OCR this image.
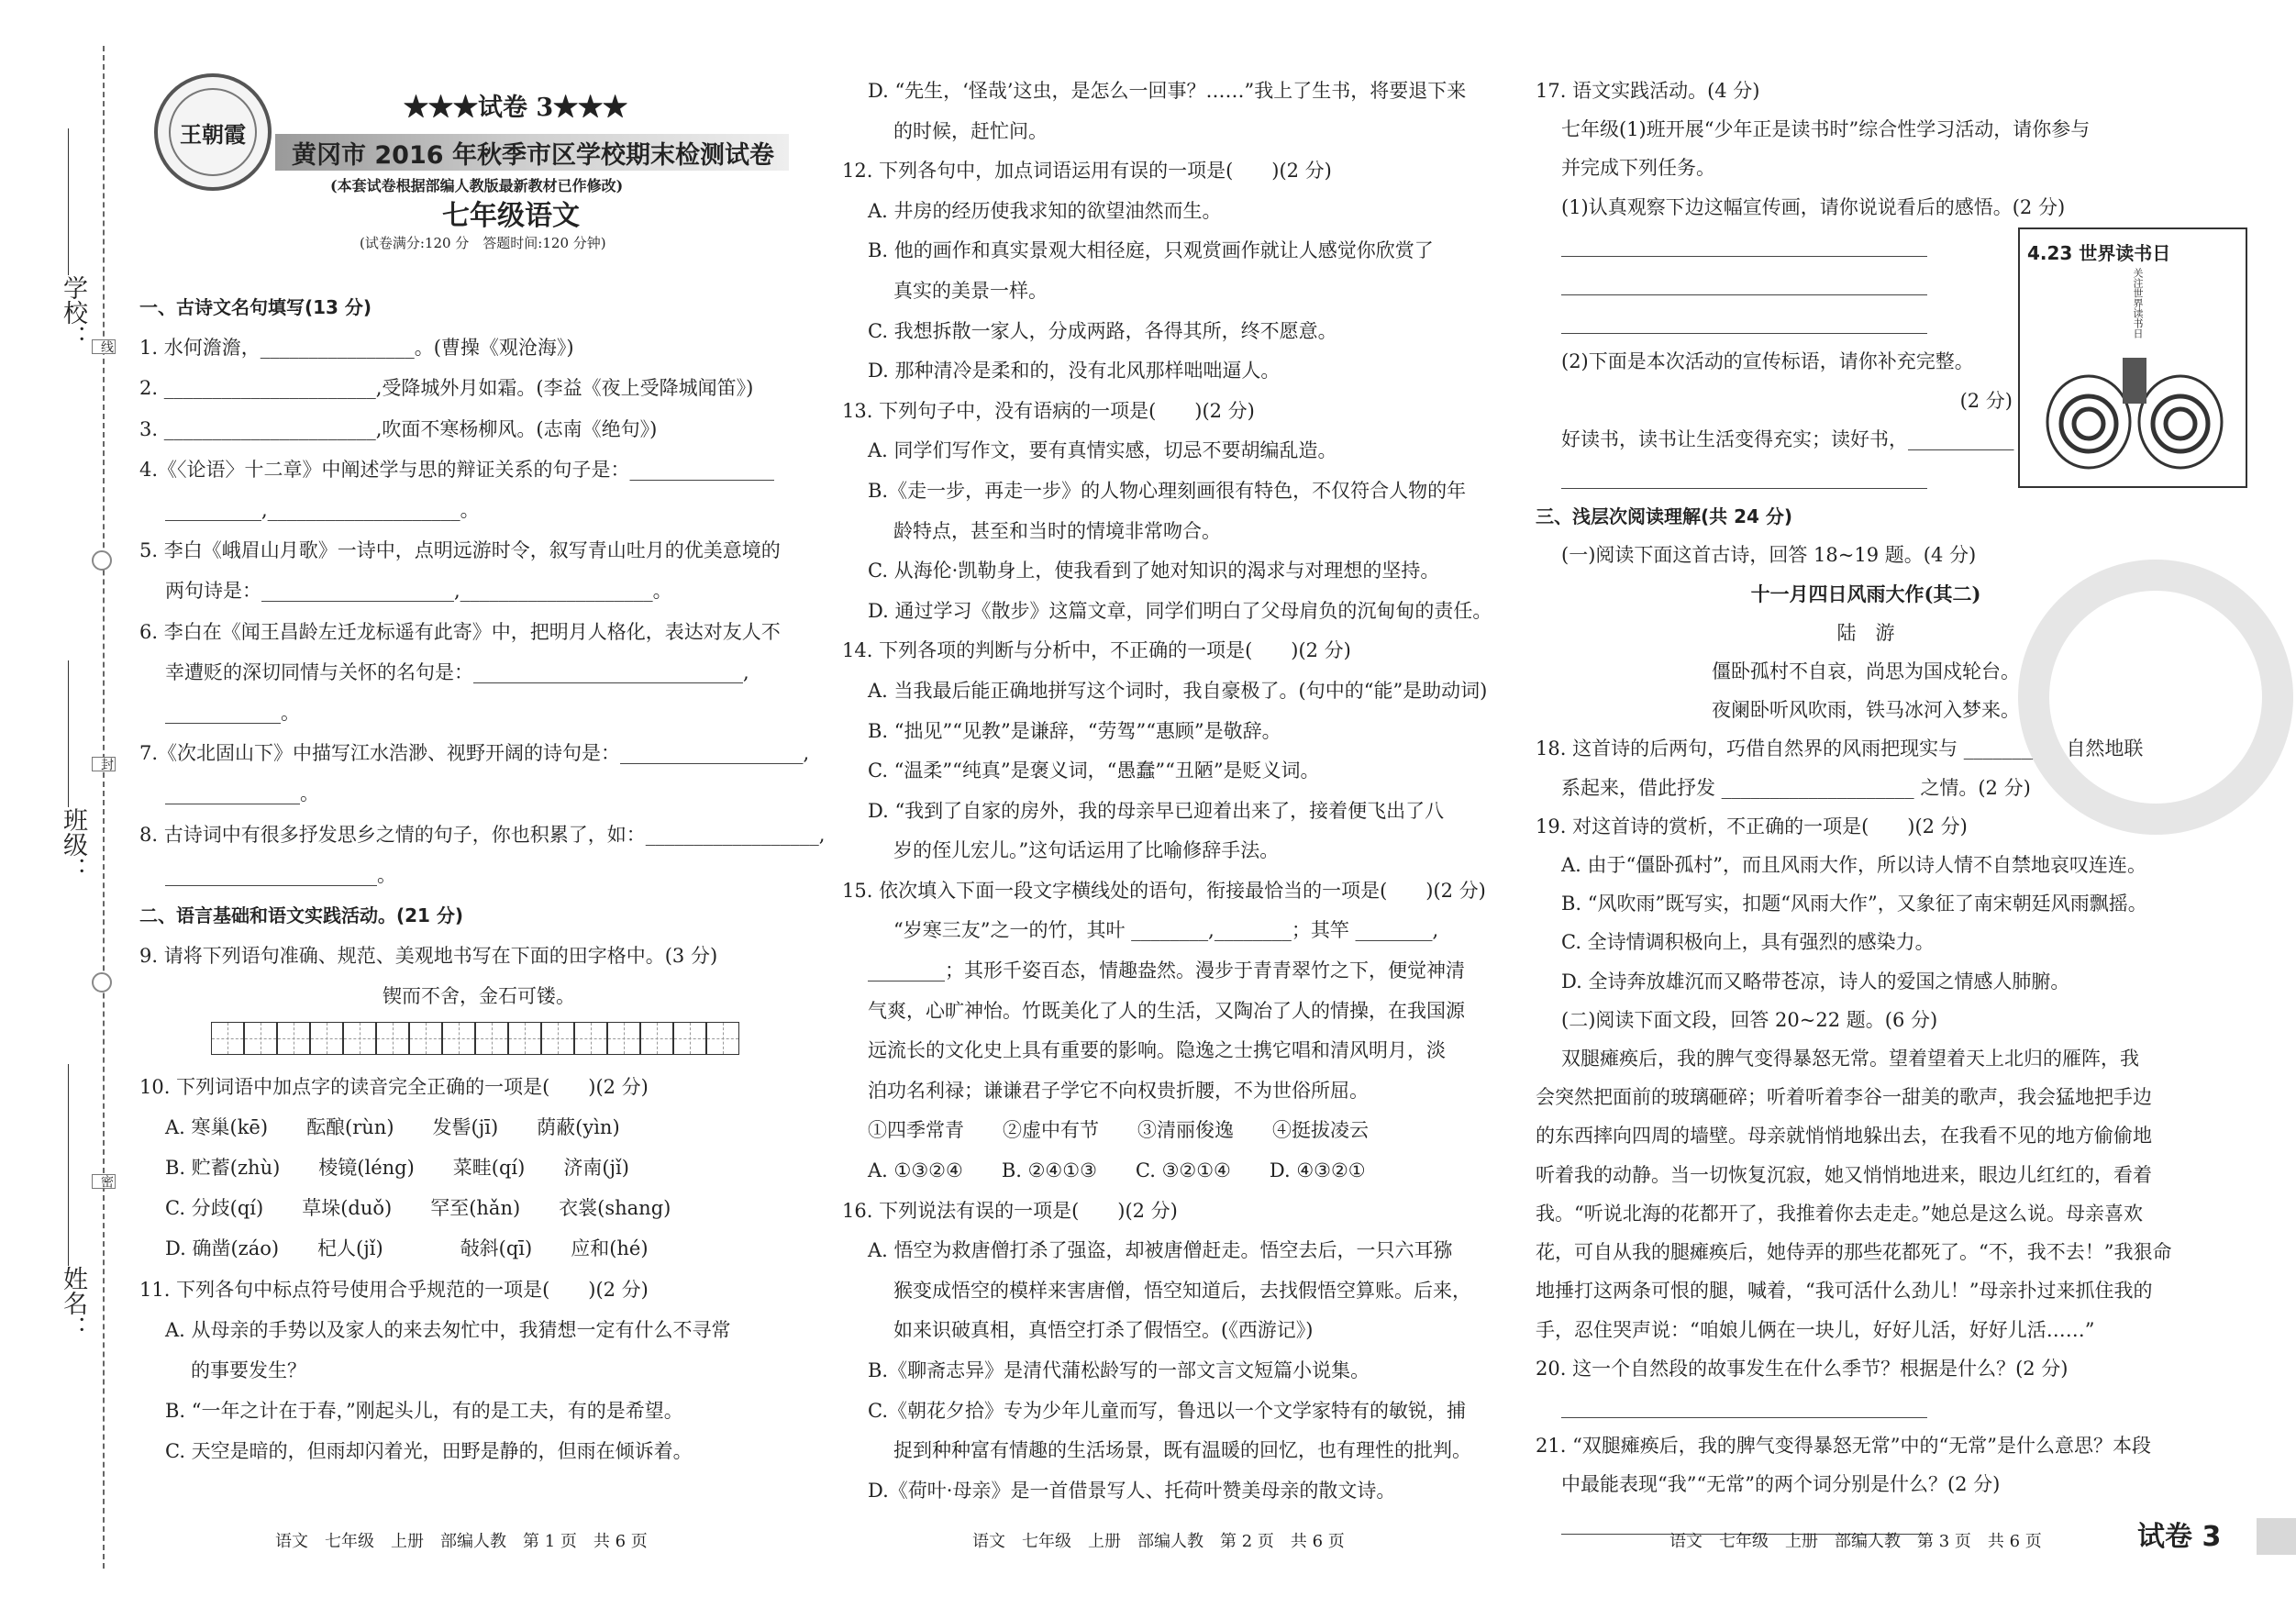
学校：
班级：
姓名：
线
封
密
王朝霞
★★★试卷 3★★★
黄冈市 2016 年秋季市区学校期末检测试卷
(本套试卷根据部编人教版最新教材已作修改)
七年级语文
(试卷满分:120 分　答题时间:120 分钟)

一、古诗文名句填写(13 分)

1. 水何澹澹，________________。(曹操《观沧海》)

2. ______________________,受降城外月如霜。(李益《夜上受降城闻笛》)

3. ______________________,吹面不寒杨柳风。(志南《绝句》)

4.《〈论语〉十二章》中阐述学与思的辩证关系的句子是：_______________

__________,____________________。

5. 李白《峨眉山月歌》一诗中，点明远游时令，叙写青山吐月的优美意境的

两句诗是：____________________,____________________。

6. 李白在《闻王昌龄左迁龙标遥有此寄》中，把明月人格化，表达对友人不

幸遭贬的深切同情与关怀的名句是：____________________________,

____________。

7.《次北固山下》中描写江水浩渺、视野开阔的诗句是：___________________,

______________。

8. 古诗词中有很多抒发思乡之情的句子，你也积累了，如：__________________,

______________________。

二、语言基础和语文实践活动。(21 分)

9. 请将下列语句准确、规范、美观地书写在下面的田字格中。(3 分)

锲而不舍，金石可镂。

10. 下列词语中加点字的读音完全正确的一项是(　　)(2 分)

A. 寒巢(kē)　　酝酿(rùn)　　发髻(jī)　　荫蔽(yìn)

B. 贮蓄(zhù)　　棱镜(léng)　　菜畦(qí)　　济南(jǐ)

C. 分歧(qí)　　草垛(duǒ)　　罕至(hǎn)　　衣裳(shang)

D. 确凿(záo)　　杞人(jǐ)　　　　敧斜(qī)　　应和(hé)

11. 下列各句中标点符号使用合乎规范的一项是(　　)(2 分)

A. 从母亲的手势以及家人的来去匆忙中，我猜想一定有什么不寻常

的事要发生？

B. “一年之计在于春，”刚起头儿，有的是工夫，有的是希望。

C. 天空是暗的，但雨却闪着光，田野是静的，但雨在倾诉着。

D. “先生，‘怪哉’这虫，是怎么一回事？……”我上了生书，将要退下来

的时候，赶忙问。

12. 下列各句中，加点词语运用有误的一项是(　　)(2 分)

A. 井房的经历使我求知的欲望油然而生。

B. 他的画作和真实景观大相径庭，只观赏画作就让人感觉你欣赏了

真实的美景一样。

C. 我想拆散一家人，分成两路，各得其所，终不愿意。

D. 那种清冷是柔和的，没有北风那样咄咄逼人。

13. 下列句子中，没有语病的一项是(　　)(2 分)

A. 同学们写作文，要有真情实感，切忌不要胡编乱造。

B.《走一步，再走一步》的人物心理刻画很有特色，不仅符合人物的年

龄特点，甚至和当时的情境非常吻合。

C. 从海伦·凯勒身上，使我看到了她对知识的渴求与对理想的坚持。

D. 通过学习《散步》这篇文章，同学们明白了父母肩负的沉甸甸的责任。

14. 下列各项的判断与分析中，不正确的一项是(　　)(2 分)

A. 当我最后能正确地拼写这个词时，我自豪极了。(句中的“能”是助动词)

B. “拙见”“见教”是谦辞，“劳驾”“惠顾”是敬辞。

C. “温柔”“纯真”是褒义词，“愚蠢”“丑陋”是贬义词。

D. “我到了自家的房外，我的母亲早已迎着出来了，接着便飞出了八

岁的侄儿宏儿。”这句话运用了比喻修辞手法。

15. 依次填入下面一段文字横线处的语句，衔接最恰当的一项是(　　)(2 分)

“岁寒三友”之一的竹，其叶 ________,________；其竿 ________,

________；其形千姿百态，情趣盎然。漫步于青青翠竹之下，便觉神清

气爽，心旷神怡。竹既美化了人的生活，又陶冶了人的情操，在我国源

远流长的文化史上具有重要的影响。隐逸之士携它唱和清风明月，淡

泊功名利禄；谦谦君子学它不向权贵折腰，不为世俗所屈。

①四季常青　　②虚中有节　　③清丽俊逸　　④挺拔凌云

A. ①③②④　　B. ②④①③　　C. ③②①④　　D. ④③②①

16. 下列说法有误的一项是(　　)(2 分)

A. 悟空为救唐僧打杀了强盗，却被唐僧赶走。悟空去后，一只六耳猕

猴变成悟空的模样来害唐僧，悟空知道后，去找假悟空算账。后来，

如来识破真相，真悟空打杀了假悟空。(《西游记》)

B.《聊斋志异》是清代蒲松龄写的一部文言文短篇小说集。

C.《朝花夕拾》专为少年儿童而写，鲁迅以一个文学家特有的敏锐，捕

捉到种种富有情趣的生活场景，既有温暖的回忆，也有理性的批判。

D.《荷叶·母亲》是一首借景写人、托荷叶赞美母亲的散文诗。

17. 语文实践活动。(4 分)

七年级(1)班开展“少年正是读书时”综合性学习活动，请你参与

并完成下列任务。

(1)认真观察下边这幅宣传画，请你说说看后的感悟。(2 分)

______________________________________

______________________________________

______________________________________

(2)下面是本次活动的宣传标语，请你补充完整。

(2 分)

好读书，读书让生活变得充实；读好书，___________

______________________________________

三、浅层次阅读理解(共 24 分)

(一)阅读下面这首古诗，回答 18~19 题。(4 分)

十一月四日风雨大作(其二)

陆　游

僵卧孤村不自哀，尚思为国戍轮台。

夜阑卧听风吹雨，铁马冰河入梦来。

18. 这首诗的后两句，巧借自然界的风雨把现实与 __________ 自然地联

系起来，借此抒发 ____________________ 之情。(2 分)

19. 对这首诗的赏析，不正确的一项是(　　)(2 分)

A. 由于“僵卧孤村”，而且风雨大作，所以诗人情不自禁地哀叹连连。

B. “风吹雨”既写实，扣题“风雨大作”，又象征了南宋朝廷风雨飘摇。

C. 全诗情调积极向上，具有强烈的感染力。

D. 全诗奔放雄沉而又略带苍凉，诗人的爱国之情感人肺腑。

(二)阅读下面文段，回答 20~22 题。(6 分)

双腿瘫痪后，我的脾气变得暴怒无常。望着望着天上北归的雁阵，我

会突然把面前的玻璃砸碎；听着听着李谷一甜美的歌声，我会猛地把手边

的东西摔向四周的墙壁。母亲就悄悄地躲出去，在我看不见的地方偷偷地

听着我的动静。当一切恢复沉寂，她又悄悄地进来，眼边儿红红的，看着

我。“听说北海的花都开了，我推着你去走走。”她总是这么说。母亲喜欢

花，可自从我的腿瘫痪后，她侍弄的那些花都死了。“不，我不去！”我狠命

地捶打这两条可恨的腿，喊着，“我可活什么劲儿！”母亲扑过来抓住我的

手，忍住哭声说：“咱娘儿俩在一块儿，好好儿活，好好儿活……”

20. 这一个自然段的故事发生在什么季节？根据是什么？(2 分)

______________________________________

21. “双腿瘫痪后，我的脾气变得暴怒无常”中的“无常”是什么意思？本段

中最能表现“我”“无常”的两个词分别是什么？(2 分)

______________________________________

4.23 世界读书日
关注世界读书日
语文　七年级　上册　部编人教　第 1 页　共 6 页	语文　七年级　上册　部编人教　第 2 页　共 6 页	语文　七年级　上册　部编人教　第 3 页　共 6 页	试卷 3
